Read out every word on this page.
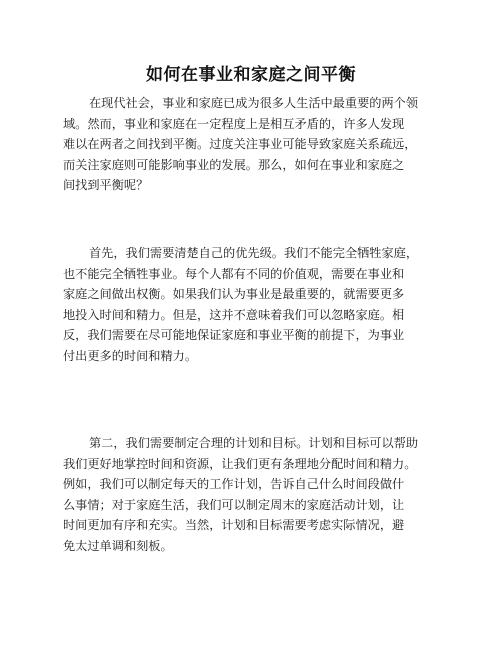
如何在事业和家庭之间平衡
在现代社会，事业和家庭已成为很多人生活中最重要的两个领
域。然而，事业和家庭在一定程度上是相互矛盾的，许多人发现
难以在两者之间找到平衡。过度关注事业可能导致家庭关系疏远，
而关注家庭则可能影响事业的发展。那么，如何在事业和家庭之
间找到平衡呢？
首先，我们需要清楚自己的优先级。我们不能完全牺牲家庭，
也不能完全牺牲事业。每个人都有不同的价值观，需要在事业和
家庭之间做出权衡。如果我们认为事业是最重要的，就需要更多
地投入时间和精力。但是，这并不意味着我们可以忽略家庭。相
反，我们需要在尽可能地保证家庭和事业平衡的前提下，为事业
付出更多的时间和精力。
第二，我们需要制定合理的计划和目标。计划和目标可以帮助
我们更好地掌控时间和资源，让我们更有条理地分配时间和精力。
例如，我们可以制定每天的工作计划，告诉自己什么时间段做什
么事情；对于家庭生活，我们可以制定周末的家庭活动计划，让
时间更加有序和充实。当然，计划和目标需要考虑实际情况，避
免太过单调和刻板。
